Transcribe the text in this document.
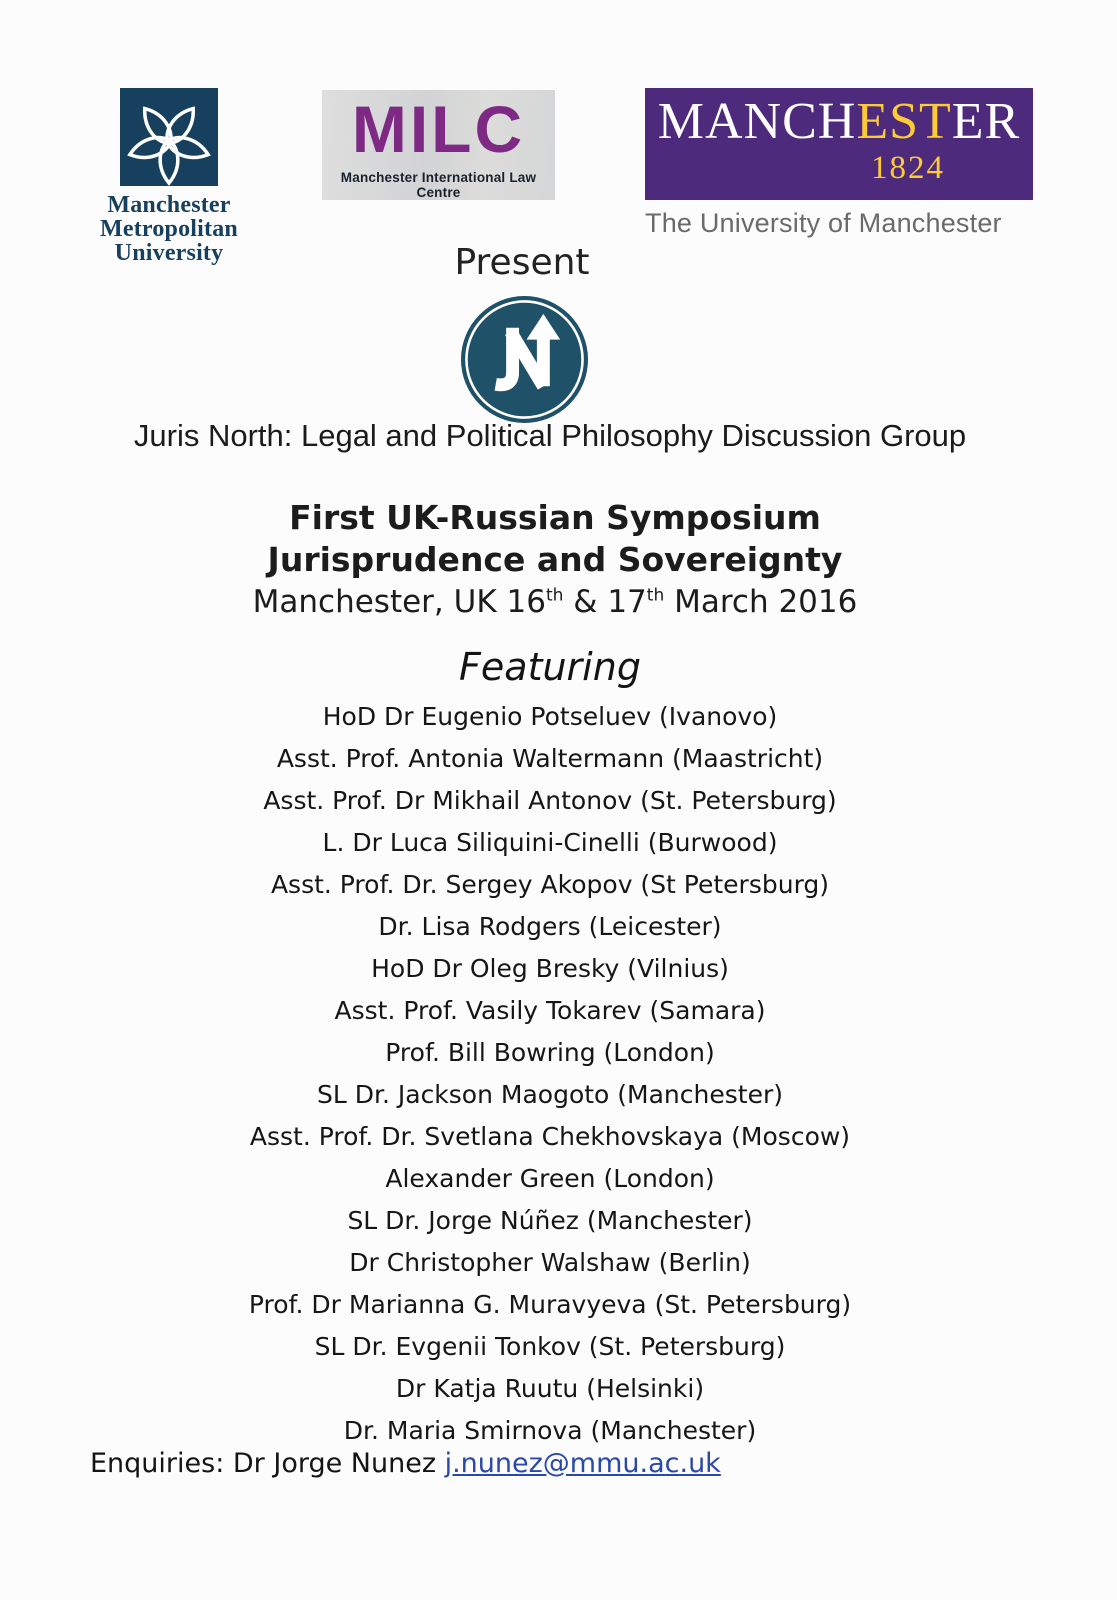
Manchester
Metropolitan
University
MILC
Manchester International Law Centre
MANCHESTER
1824
The University of Manchester
Present
Juris North: Legal and Political Philosophy Discussion Group
First UK-Russian Symposium
Jurisprudence and Sovereignty
Manchester, UK 16th & 17th March 2016
Featuring
HoD Dr Eugenio Potseluev (Ivanovo)
Asst. Prof. Antonia Waltermann (Maastricht)
Asst. Prof. Dr Mikhail Antonov (St. Petersburg)
L. Dr Luca Siliquini-Cinelli (Burwood)
Asst. Prof. Dr. Sergey Akopov (St Petersburg)
Dr. Lisa Rodgers (Leicester)
HoD Dr Oleg Bresky (Vilnius)
Asst. Prof. Vasily Tokarev (Samara)
Prof. Bill Bowring (London)
SL Dr. Jackson Maogoto (Manchester)
Asst. Prof. Dr. Svetlana Chekhovskaya (Moscow)
Alexander Green (London)
SL Dr. Jorge Núñez (Manchester)
Dr Christopher Walshaw (Berlin)
Prof. Dr Marianna G. Muravyeva (St. Petersburg)
SL Dr. Evgenii Tonkov (St. Petersburg)
Dr Katja Ruutu (Helsinki)
Dr. Maria Smirnova (Manchester)
Enquiries: Dr Jorge Nunez j.nunez@mmu.ac.uk
